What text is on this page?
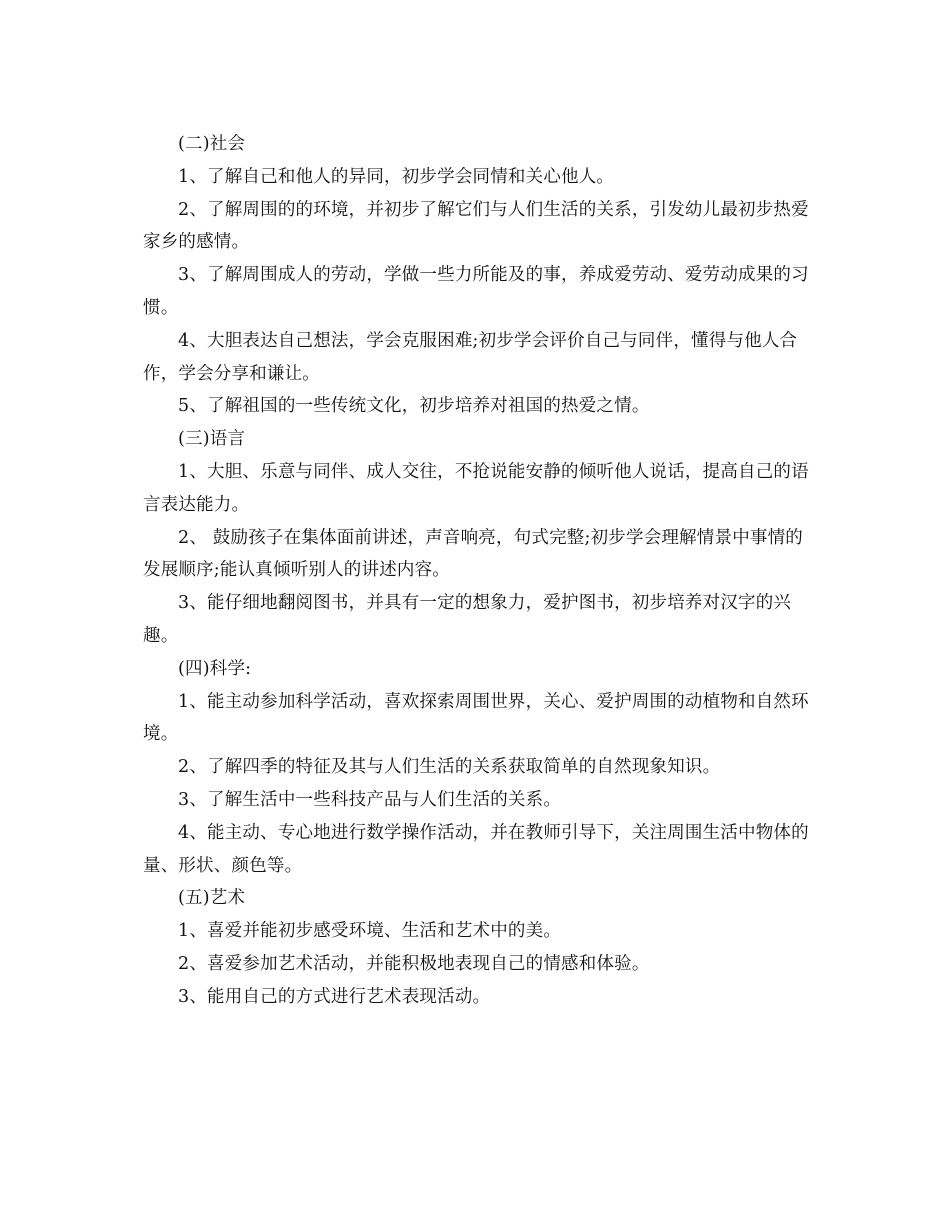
(二)社会

1、了解自己和他人的异同，初步学会同情和关心他人。

2、了解周围的的环境，并初步了解它们与人们生活的关系，引发幼儿最初步热爱家乡的感情。

3、了解周围成人的劳动，学做一些力所能及的事，养成爱劳动、爱劳动成果的习惯。

4、大胆表达自己想法，学会克服困难;初步学会评价自己与同伴，懂得与他人合作，学会分享和谦让。

5、了解祖国的一些传统文化，初步培养对祖国的热爱之情。

(三)语言

1、大胆、乐意与同伴、成人交往，不抢说能安静的倾听他人说话，提高自己的语言表达能力。

2、 鼓励孩子在集体面前讲述，声音响亮，句式完整;初步学会理解情景中事情的发展顺序;能认真倾听别人的讲述内容。

3、能仔细地翻阅图书，并具有一定的想象力，爱护图书，初步培养对汉字的兴趣。

(四)科学:

1、能主动参加科学活动，喜欢探索周围世界，关心、爱护周围的动植物和自然环境。

2、了解四季的特征及其与人们生活的关系获取简单的自然现象知识。

3、了解生活中一些科技产品与人们生活的关系。

4、能主动、专心地进行数学操作活动，并在教师引导下，关注周围生活中物体的量、形状、颜色等。

(五)艺术

1、喜爱并能初步感受环境、生活和艺术中的美。

2、喜爱参加艺术活动，并能积极地表现自己的情感和体验。

3、能用自己的方式进行艺术表现活动。
